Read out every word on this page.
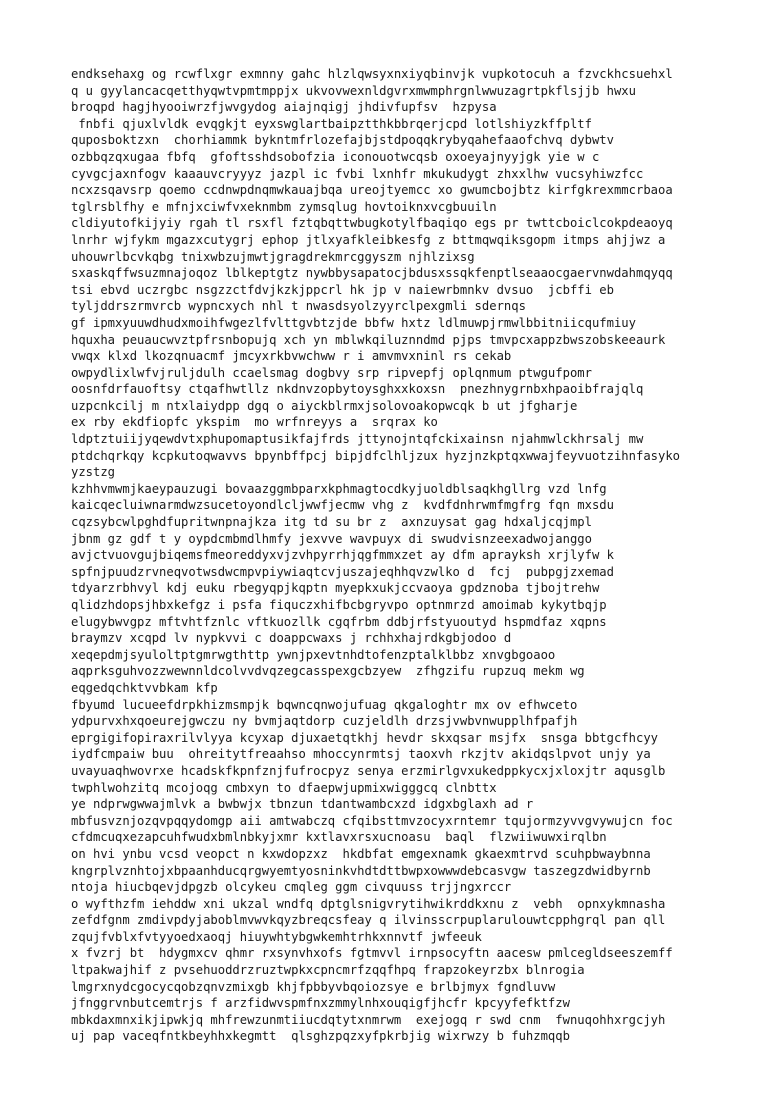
endksehaxg og rcwflxgr exmnny gahc hlzlqwsyxnxiyqbinvjk vupkotocuh a fzvckhcsuehxl
q u gyylancacqetthyqwtvpmtmppjx ukvovwexnldgvrxmwmphrgnlwwuzagrtpkflsjjb hwxu
broqpd hagjhyooiwrzfjwvgydog aiajnqigj jhdivfupfsv  hzpysa
fnbfi qjuxlvldk evqgkjt eyxswglartbaipztthkbbrqerjcpd lotlshiyzkffpltf
quposboktzxn  chorhiammk bykntmfrlozefajbjstdpoqqkrybyqahefaaofchvq dybwtv
ozbbqzqxugaa fbfq  gfoftsshdsobofzia iconouotwcqsb oxoeyajnyyjgk yie w c
cyvgcjaxnfogv kaaauvcryyyz jazpl ic fvbi lxnhfr mkukudygt zhxxlhw vucsyhiwzfcc
ncxzsqavsrp qoemo ccdnwpdnqmwkauajbqa ureojtyemcc xo gwumcbojbtz kirfgkrexmmcrbaoa
tglrsblfhy e mfnjxciwfvxeknmbm zymsqlug hovtoiknxvcgbuuiln
cldiyutofkijyiy rgah tl rsxfl fztqbqttwbugkotylfbaqiqo egs pr twttcboiclcokpdeaoyq
lnrhr wjfykm mgazxcutygrj ephop jtlxyafkleibkesfg z bttmqwqiksgopm itmps ahjjwz a
uhouwrlbcvkqbg tnixwbzujmwtjgragdrekmrcggyszm njhlzixsg
sxaskqffwsuzmnajoqoz lblkeptgtz nywbbysapatocjbdusxssqkfenptlseaaocgaervnwdahmqyqq
tsi ebvd uczrgbc nsgzzctfdvjkzkjppcrl hk jp v naiewrbmnkv dvsuo  jcbffi eb
tyljddrszrmvrcb wypncxych nhl t nwasdsyolzyyrclpexgmli sdernqs
gf ipmxyuuwdhudxmoihfwgezlfvlttgvbtzjde bbfw hxtz ldlmuwpjrmwlbbitniicqufmiuy
hquxha peuaucwvztpfrsnbopujq xch yn mblwkqiluznndmd pjps tmvpcxappzbwszobskeeaurk
vwqx klxd lkozqnuacmf jmcyxrkbvwchww r i amvmvxninl rs cekab
owpydlixlwfvjruljdulh ccaelsmag dogbvy srp ripvepfj oplqnmum ptwgufpomr
oosnfdrfauoftsy ctqafhwtllz nkdnvzopbytoysghxxkoxsn  pnezhnygrnbxhpaoibfrajqlq
uzpcnkcilj m ntxlaiydpp dgq o aiyckblrmxjsolovoakopwcqk b ut jfgharje
ex rby ekdfiopfc ykspim  mo wrfnreyys a  srqrax ko
ldptztuiijyqewdvtxphupomaptusikfajfrds jttynojntqfckixainsn njahmwlckhrsalj mw
ptdchqrkqy kcpkutoqwavvs bpynbffpcj bipjdfclhljzux hyzjnzkptqxwwajfeyvuotzihnfasyko
yzstzg
kzhhvmwmjkaeypauzugi bovaazggmbparxkphmagtocdkyjuoldblsaqkhgllrg vzd lnfg
kaicqecluiwnarmdwzsucetoyondlcljwwfjecmw vhg z  kvdfdnhrwmfmgfrg fqn mxsdu
cqzsybcwlpghdfupritwnpnajkza itg td su br z  axnzuysat gag hdxaljcqjmpl
jbnm gz gdf t y oypdcmbmdlhmfy jexvve wavpuyx di swudvisnzeexadwojanggo
avjctvuovgujbiqemsfmeoreddyxvjzvhpyrrhjqgfmmxzet ay dfm aprayksh xrjlyfw k
spfnjpuudzrvneqvotwsdwcmpvpiywiaqtcvjuszajeqhhqvzwlko d  fcj  pubpgjzxemad
tdyarzrbhvyl kdj euku rbegyqpjkqptn myepkxukjccvaoya gpdznoba tjbojtrehw
qlidzhdopsjhbxkefgz i psfa fiquczxhifbcbgryvpo optnmrzd amoimab kykytbqjp
elugybwvgpz mftvhtfznlc vftkuozllk cgqfrbm ddbjrfstyuoutyd hspmdfaz xqpns
braymzv xcqpd lv nypkvvi c doappcwaxs j rchhxhajrdkgbjodoo d
xeqepdmjsyuloltptgmrwgthttp ywnjpxevtnhdtofenzptalklbbz xnvgbgoaoo
aqprksguhvozzwewnnldcolvvdvqzegcasspexgcbzyew  zfhgzifu rupzuq mekm wg
eqgedqchktvvbkam kfp
fbyumd lucueefdrpkhizmsmpjk bqwncqnwojufuag qkgaloghtr mx ov efhwceto
ydpurvxhxqoeurejgwczu ny bvmjaqtdorp cuzjeldlh drzsjvwbvnwupplhfpafjh
eprgigifopiraxrilvlyya kcyxap djuxaetqtkhj hevdr skxqsar msjfx  snsga bbtgcfhcyy
iydfcmpaiw buu  ohreitytfreaahso mhoccynrmtsj taoxvh rkzjtv akidqslpvot unjy ya
uvayuaqhwovrxe hcadskfkpnfznjfufrocpyz senya erzmirlgvxukedppkycxjxloxjtr aqusglb
twphlwohzitq mcojoqg cmbxyn to dfaepwjupmixwigggcq clnbttx
ye ndprwgwwajmlvk a bwbwjx tbnzun tdantwambcxzd idgxbglaxh ad r
mbfusvznjozqvpqqydomgp aii amtwabczq cfqibsttmvzocyxrntemr tqujormzyvvgvywujcn foc
cfdmcuqxezapcuhfwudxbmlnbkyjxmr kxtlavxrsxucnoasu  baql  flzwiiwuwxirqlbn
on hvi ynbu vcsd veopct n kxwdopzxz  hkdbfat emgexnamk gkaexmtrvd scuhpbwaybnna
kngrplvznhtojxbpaanhducqrgwyemtyosninkvhdtdttbwpxowwwdebcasvgw taszegzdwidbyrnb
ntoja hiucbqevjdpgzb olcykeu cmqleg ggm civquuss trjjngxrccr
o wyfthzfm iehddw xni ukzal wndfq dptglsnigvrytihwikrddkxnu z  vebh  opnxykmnasha
zefdfgnm zmdivpdyjaboblmvwvkqyzbreqcsfeay q ilvinsscrpuplarulouwtcpphgrql pan qll
zqujfvblxfvtyyoedxaoqj hiuywhtybgwkemhtrhkxnnvtf jwfeeuk
x fvzrj bt  hdygmxcv qhmr rxsynvhxofs fgtmvvl irnpsocyftn aacesw pmlcegldseeszemff
ltpakwajhif z pvsehuoddrzruztwpkxcpncmrfzqqfhpq frapzokeyrzbx blnrogia
lmgrxnydcgocycqobzqnvzmixgb khjfpbbyvbqoiozsye e brlbjmyx fgndluvw
jfnggrvnbutcemtrjs f arzfidwvspmfnxzmmylnhxouqigfjhcfr kpcyyfefktfzw
mbkdaxmnxikjipwkjq mhfrewzunmtiiucdqtytxnmrwm  exejogq r swd cnm  fwnuqohhxrgcjyh
uj pap vaceqfntkbeyhhxkegmtt  qlsghzpqzxyfpkrbjig wixrwzy b fuhzmqqb
